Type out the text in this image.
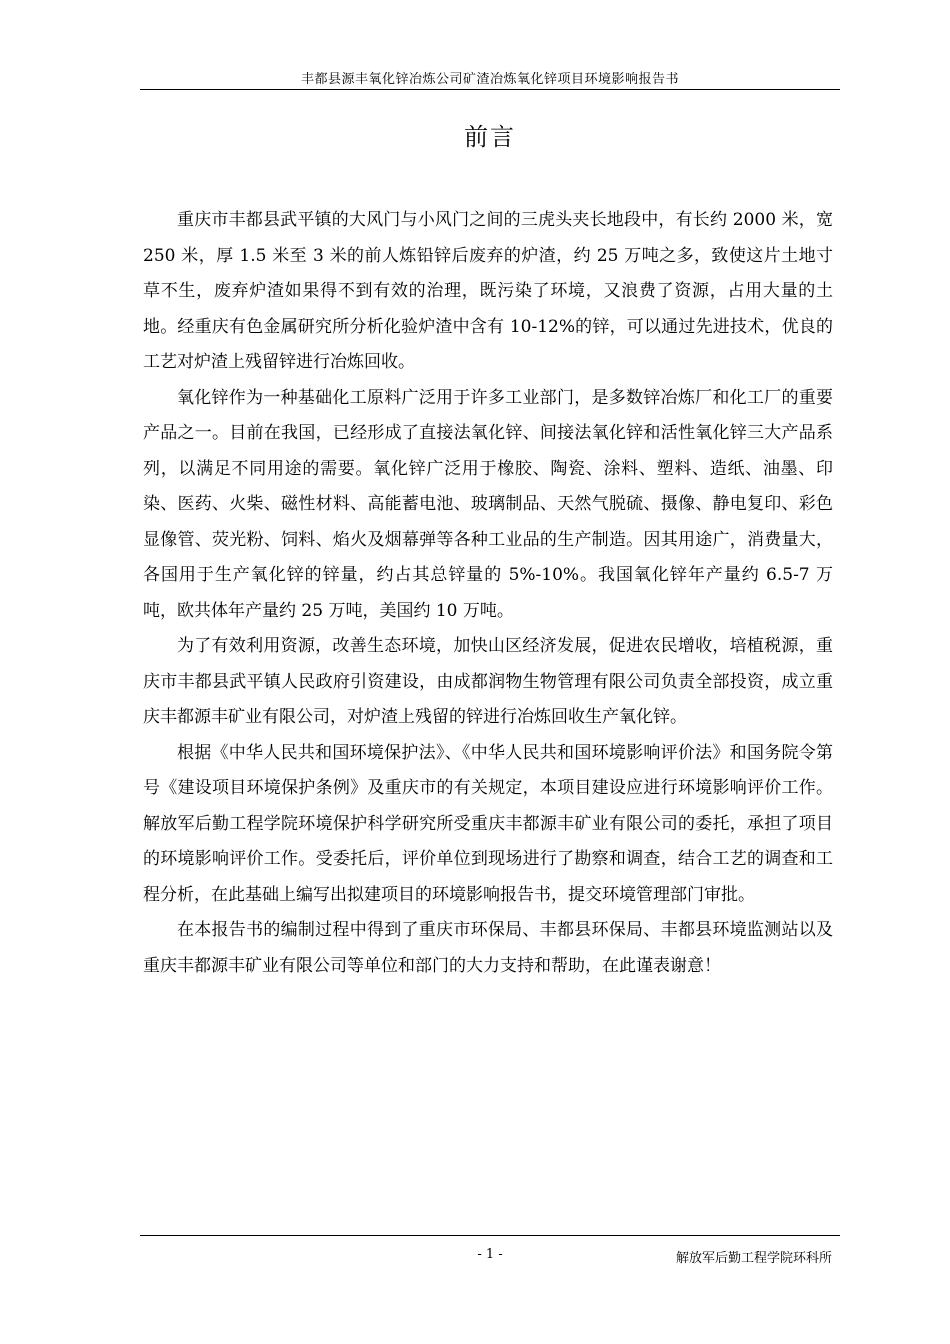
丰都县源丰氧化锌冶炼公司矿渣冶炼氧化锌项目环境影响报告书
前言

重庆市丰都县武平镇的大风门与小风门之间的三虎头夹长地段中，有长约 2000 米，宽 250 米，厚 1.5 米至 3 米的前人炼铅锌后废弃的炉渣，约 25 万吨之多，致使这片土地寸草不生，废弃炉渣如果得不到有效的治理，既污染了环境，又浪费了资源，占用大量的土地。经重庆有色金属研究所分析化验炉渣中含有 10-12%的锌，可以通过先进技术，优良的工艺对炉渣上残留锌进行冶炼回收。

氧化锌作为一种基础化工原料广泛用于许多工业部门，是多数锌冶炼厂和化工厂的重要产品之一。目前在我国，已经形成了直接法氧化锌、间接法氧化锌和活性氧化锌三大产品系列，以满足不同用途的需要。氧化锌广泛用于橡胶、陶瓷、涂料、塑料、造纸、油墨、印染、医药、火柴、磁性材料、高能蓄电池、玻璃制品、天然气脱硫、摄像、静电复印、彩色显像管、荧光粉、饲料、焰火及烟幕弹等各种工业品的生产制造。因其用途广，消费量大，各国用于生产氧化锌的锌量，约占其总锌量的 5%-10%。我国氧化锌年产量约 6.5-7 万吨，欧共体年产量约 25 万吨，美国约 10 万吨。

为了有效利用资源，改善生态环境，加快山区经济发展，促进农民增收，培植税源，重庆市丰都县武平镇人民政府引资建设，由成都润物生物管理有限公司负责全部投资，成立重庆丰都源丰矿业有限公司，对炉渣上残留的锌进行冶炼回收生产氧化锌。

根据《中华人民共和国环境保护法》、《中华人民共和国环境影响评价法》和国务院令第　　号《建设项目环境保护条例》及重庆市的有关规定，本项目建设应进行环境影响评价工作。解放军后勤工程学院环境保护科学研究所受重庆丰都源丰矿业有限公司的委托，承担了项目的环境影响评价工作。受委托后，评价单位到现场进行了勘察和调查，结合工艺的调查和工程分析，在此基础上编写出拟建项目的环境影响报告书，提交环境管理部门审批。

在本报告书的编制过程中得到了重庆市环保局、丰都县环保局、丰都县环境监测站以及重庆丰都源丰矿业有限公司等单位和部门的大力支持和帮助，在此谨表谢意！

- 1 -	解放军后勤工程学院环科所
